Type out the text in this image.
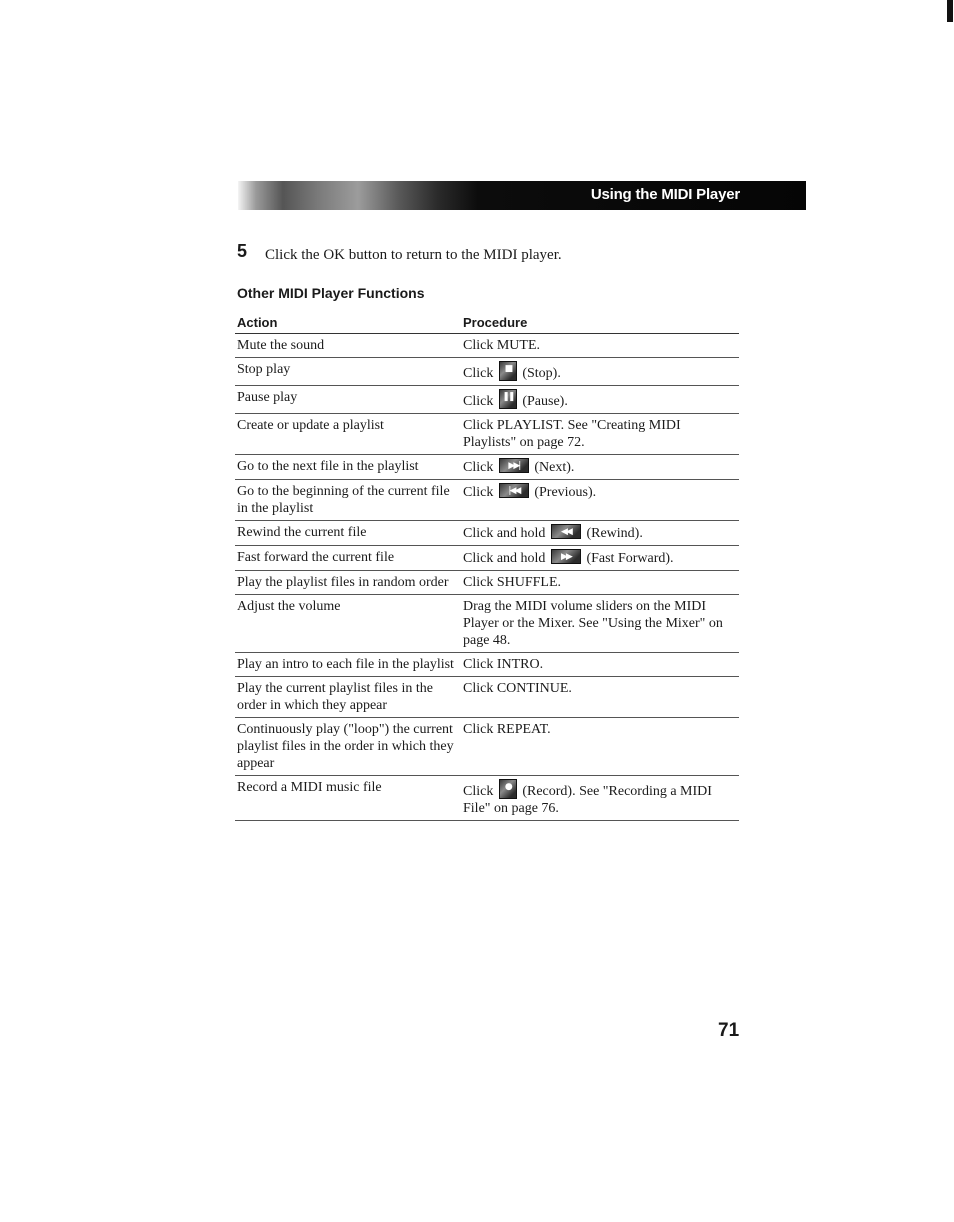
Using the MIDI Player
5 Click the OK button to return to the MIDI player.
Other MIDI Player Functions
Action	Procedure
Mute the sound	Click MUTE.
Stop play	Click ■ (Stop).
Pause play	Click ❚❚ (Pause).
Create or update a playlist	Click PLAYLIST. See "Creating MIDI Playlists" on page 72.
Go to the next file in the playlist	Click ▶▶| (Next).
Go to the beginning of the current file in the playlist	Click |◀◀ (Previous).
Rewind the current file	Click and hold ◀◀ (Rewind).
Fast forward the current file	Click and hold ▶▶ (Fast Forward).
Play the playlist files in random order	Click SHUFFLE.
Adjust the volume	Drag the MIDI volume sliders on the MIDI Player or the Mixer. See "Using the Mixer" on page 48.
Play an intro to each file in the playlist	Click INTRO.
Play the current playlist files in the order in which they appear	Click CONTINUE.
Continuously play ("loop") the current playlist files in the order in which they appear	Click REPEAT.
Record a MIDI music file	Click ● (Record). See "Recording a MIDI File" on page 76.
71
